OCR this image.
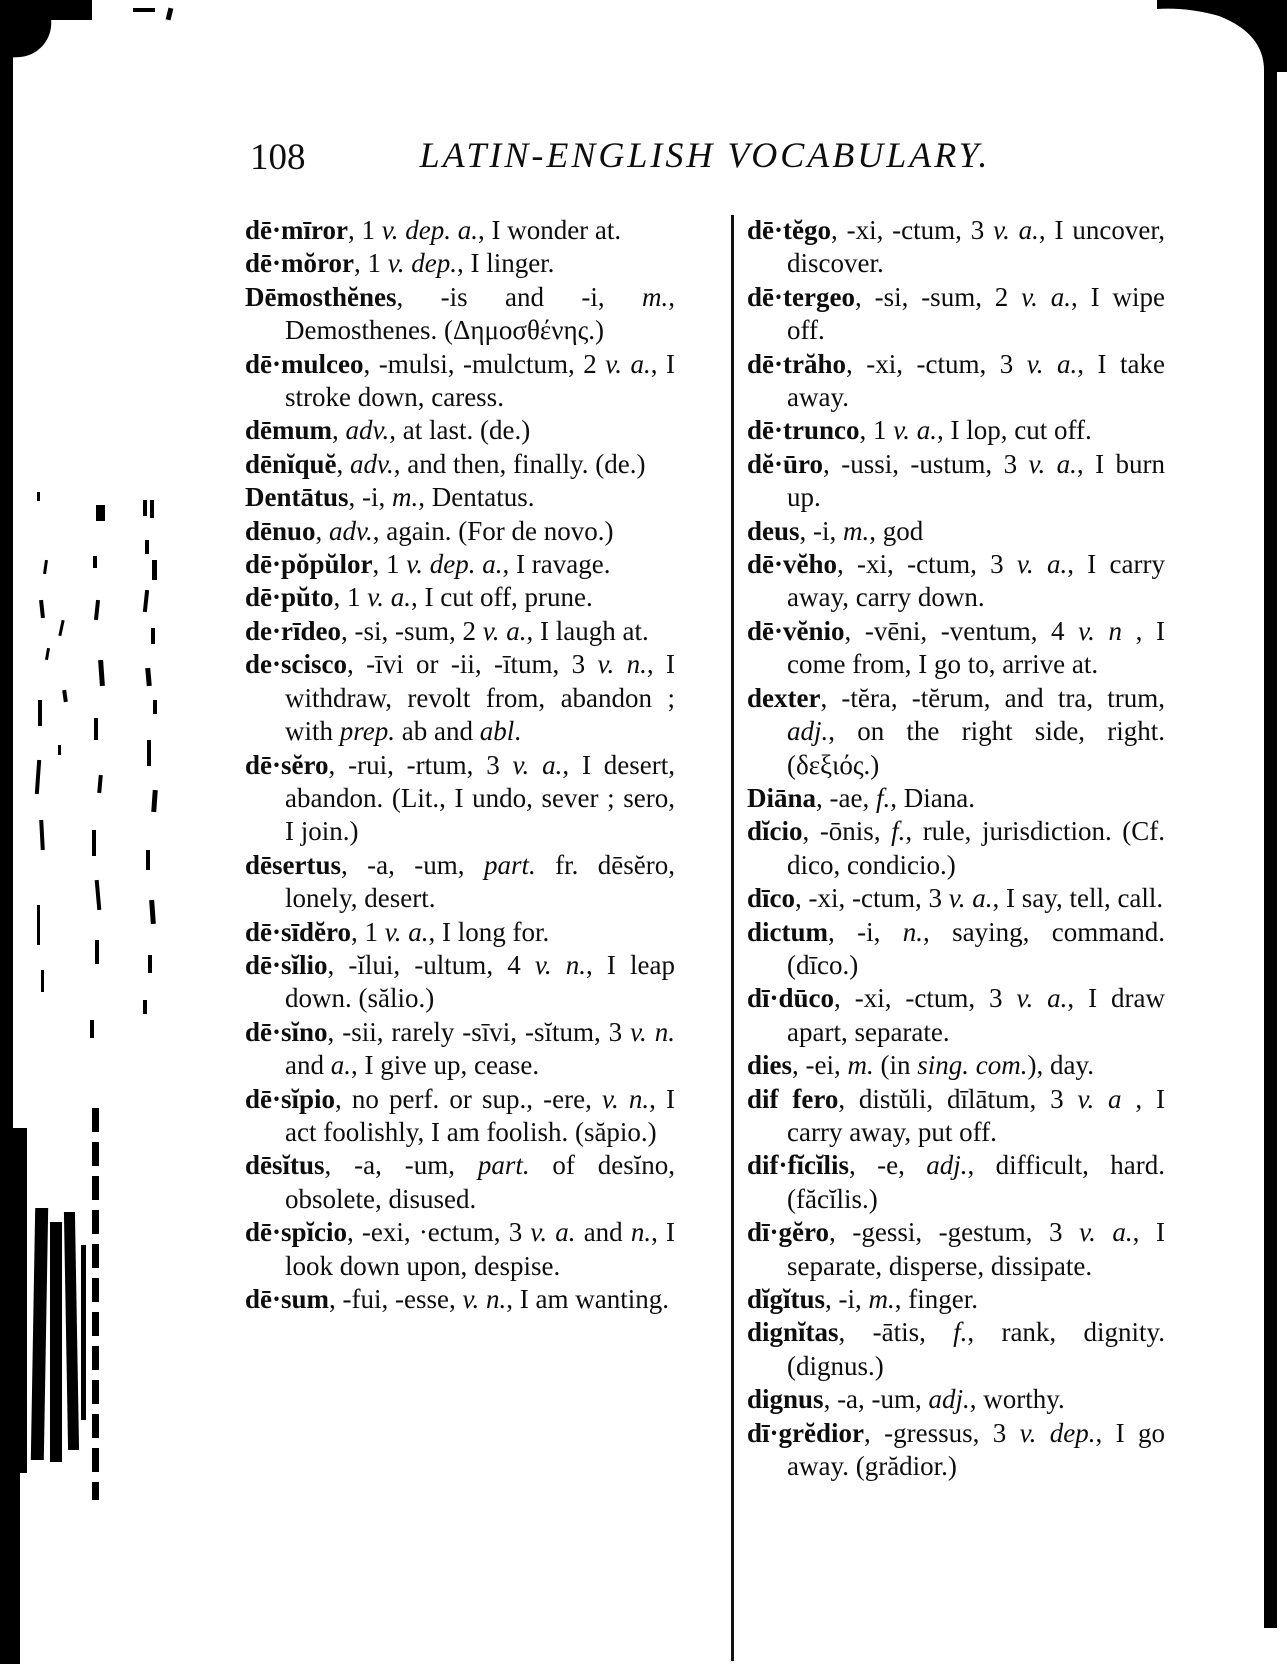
108	LATIN-ENGLISH VOCABULARY.

dē·mīror, 1 v. dep. a., I wonder at.

dē·mŏror, 1 v. dep., I linger.

Dēmosthĕnes, -is and -i, m., Demosthenes. (Δημοσθένης.)

dē·mulceo, -mulsi, -mulctum, 2 v. a., I stroke down, caress.

dēmum, adv., at last. (de.)

dēnĭquĕ, adv., and then, finally. (de.)

Dentātus, -i, m., Dentatus.

dēnuo, adv., again. (For de novo.)

dē·pŏpŭlor, 1 v. dep. a., I ravage.

dē·pŭto, 1 v. a., I cut off, prune.

de·rīdeo, -si, -sum, 2 v. a., I laugh at.

de·scisco, -īvi or -ii, -ītum, 3 v. n., I withdraw, revolt from, abandon ; with prep. ab and abl.

dē·sĕro, -rui, -rtum, 3 v. a., I desert, abandon. (Lit., I undo, sever ; sero, I join.)

dēsertus, -a, -um, part. fr. dēsĕro, lonely, desert.

dē·sīdĕro, 1 v. a., I long for.

dē·sĭlio, -ĭlui, -ultum, 4 v. n., I leap down. (sălio.)

dē·sĭno, -sii, rarely -sīvi, -sĭtum, 3 v. n. and a., I give up, cease.

dē·sĭpio, no perf. or sup., -ere, v. n., I act foolishly, I am foolish. (săpio.)

dēsĭtus, -a, -um, part. of desĭno, obsolete, disused.

dē·spĭcio, -exi, ·ectum, 3 v. a. and n., I look down upon, despise.

dē·sum, -fui, -esse, v. n., I am wanting.

dē·tĕgo, -xi, -ctum, 3 v. a., I uncover, discover.

dē·tergeo, -si, -sum, 2 v. a., I wipe off.

dē·trăho, -xi, -ctum, 3 v. a., I take away.

dē·trunco, 1 v. a., I lop, cut off.

dĕ·ūro, -ussi, -ustum, 3 v. a., I burn up.

deus, -i, m., god

dē·vĕho, -xi, -ctum, 3 v. a., I carry away, carry down.

dē·vĕnio, -vēni, -ventum, 4 v. n , I come from, I go to, arrive at.

dexter, -tĕra, -tĕrum, and tra, trum, adj., on the right side, right. (δεξιός.)

Diāna, -ae, f., Diana.

dĭcio, -ōnis, f., rule, jurisdiction. (Cf. dico, condicio.)

dīco, -xi, -ctum, 3 v. a., I say, tell, call.

dictum, -i, n., saying, command. (dīco.)

dī·dūco, -xi, -ctum, 3 v. a., I draw apart, separate.

dies, -ei, m. (in sing. com.), day.

dif fero, distŭli, dīlātum, 3 v. a , I carry away, put off.

dif·fĭcĭlis, -e, adj., difficult, hard. (făcĭlis.)

dī·gĕro, -gessi, -gestum, 3 v. a., I separate, disperse, dissipate.

dĭgĭtus, -i, m., finger.

dignĭtas, -ātis, f., rank, dignity. (dignus.)

dignus, -a, -um, adj., worthy.

dī·grĕdior, -gressus, 3 v. dep., I go away. (grădior.)
